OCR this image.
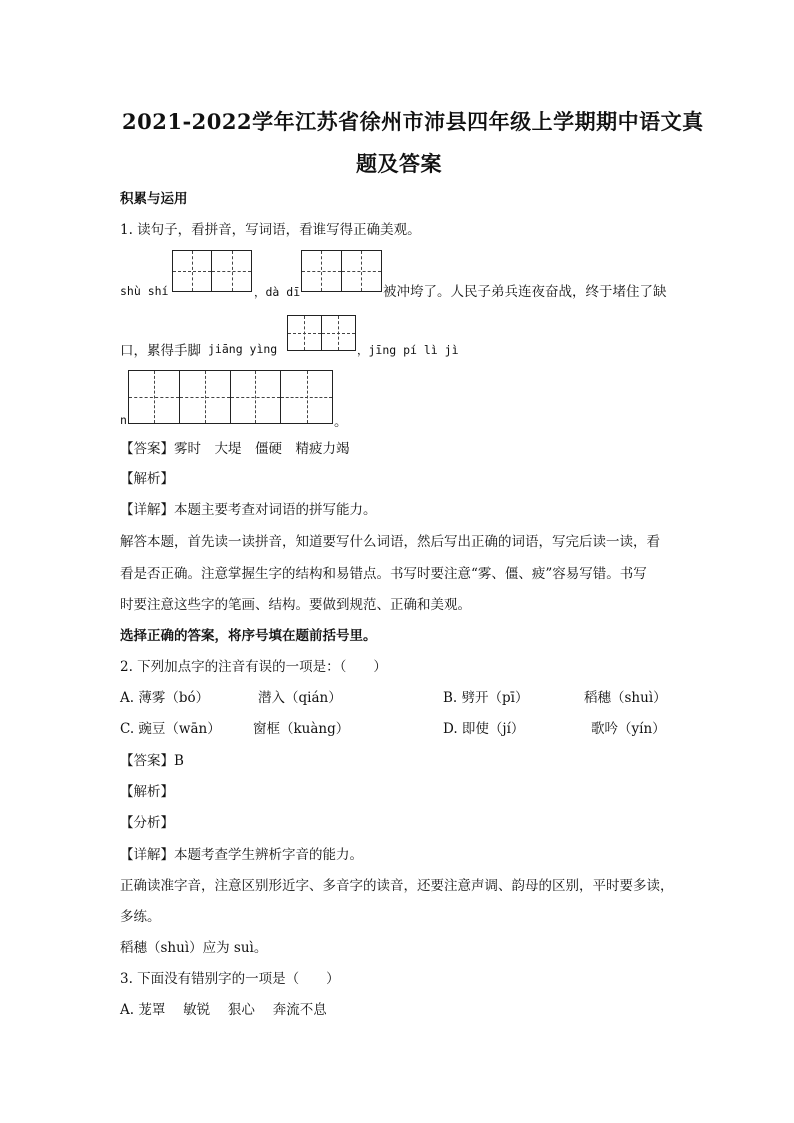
2021-2022学年江苏省徐州市沛县四年级上学期期中语文真
题及答案
积累与运用
1. 读句子，看拼音，写词语，看谁写得正确美观。
shù shí	，dà dī	被冲垮了。人民子弟兵连夜奋战，终于堵住了缺
口，累得手脚 jiāng yìng	，jīng pí lì jì
n	。
【答案】雾时　大堤　僵硬　精疲力竭
【解析】
【详解】本题主要考查对词语的拼写能力。
解答本题，首先读一读拼音，知道要写什么词语，然后写出正确的词语，写完后读一读，看
看是否正确。注意掌握生字的结构和易错点。书写时要注意“雾、僵、疲”容易写错。书写
时要注意这些字的笔画、结构。要做到规范、正确和美观。
选择正确的答案，将序号填在题前括号里。
2. 下列加点字的注音有误的一项是：（　　）
A. 薄雾（bó）	潜入（qián）	B. 劈开（pī）	稻穗（shuì）
C. 豌豆（wān） 窗框（kuàng）	D. 即使（jí）	歌吟（yín）
【答案】B
【解析】
【分析】
【详解】本题考查学生辨析字音的能力。
正确读准字音，注意区别形近字、多音字的读音，还要注意声调、韵母的区别，平时要多读，
多练。
稻穗（shuì）应为 suì。
3. 下面没有错别字的一项是（　　）
A. 茏罩　 敏锐　 狠心　 奔流不息
